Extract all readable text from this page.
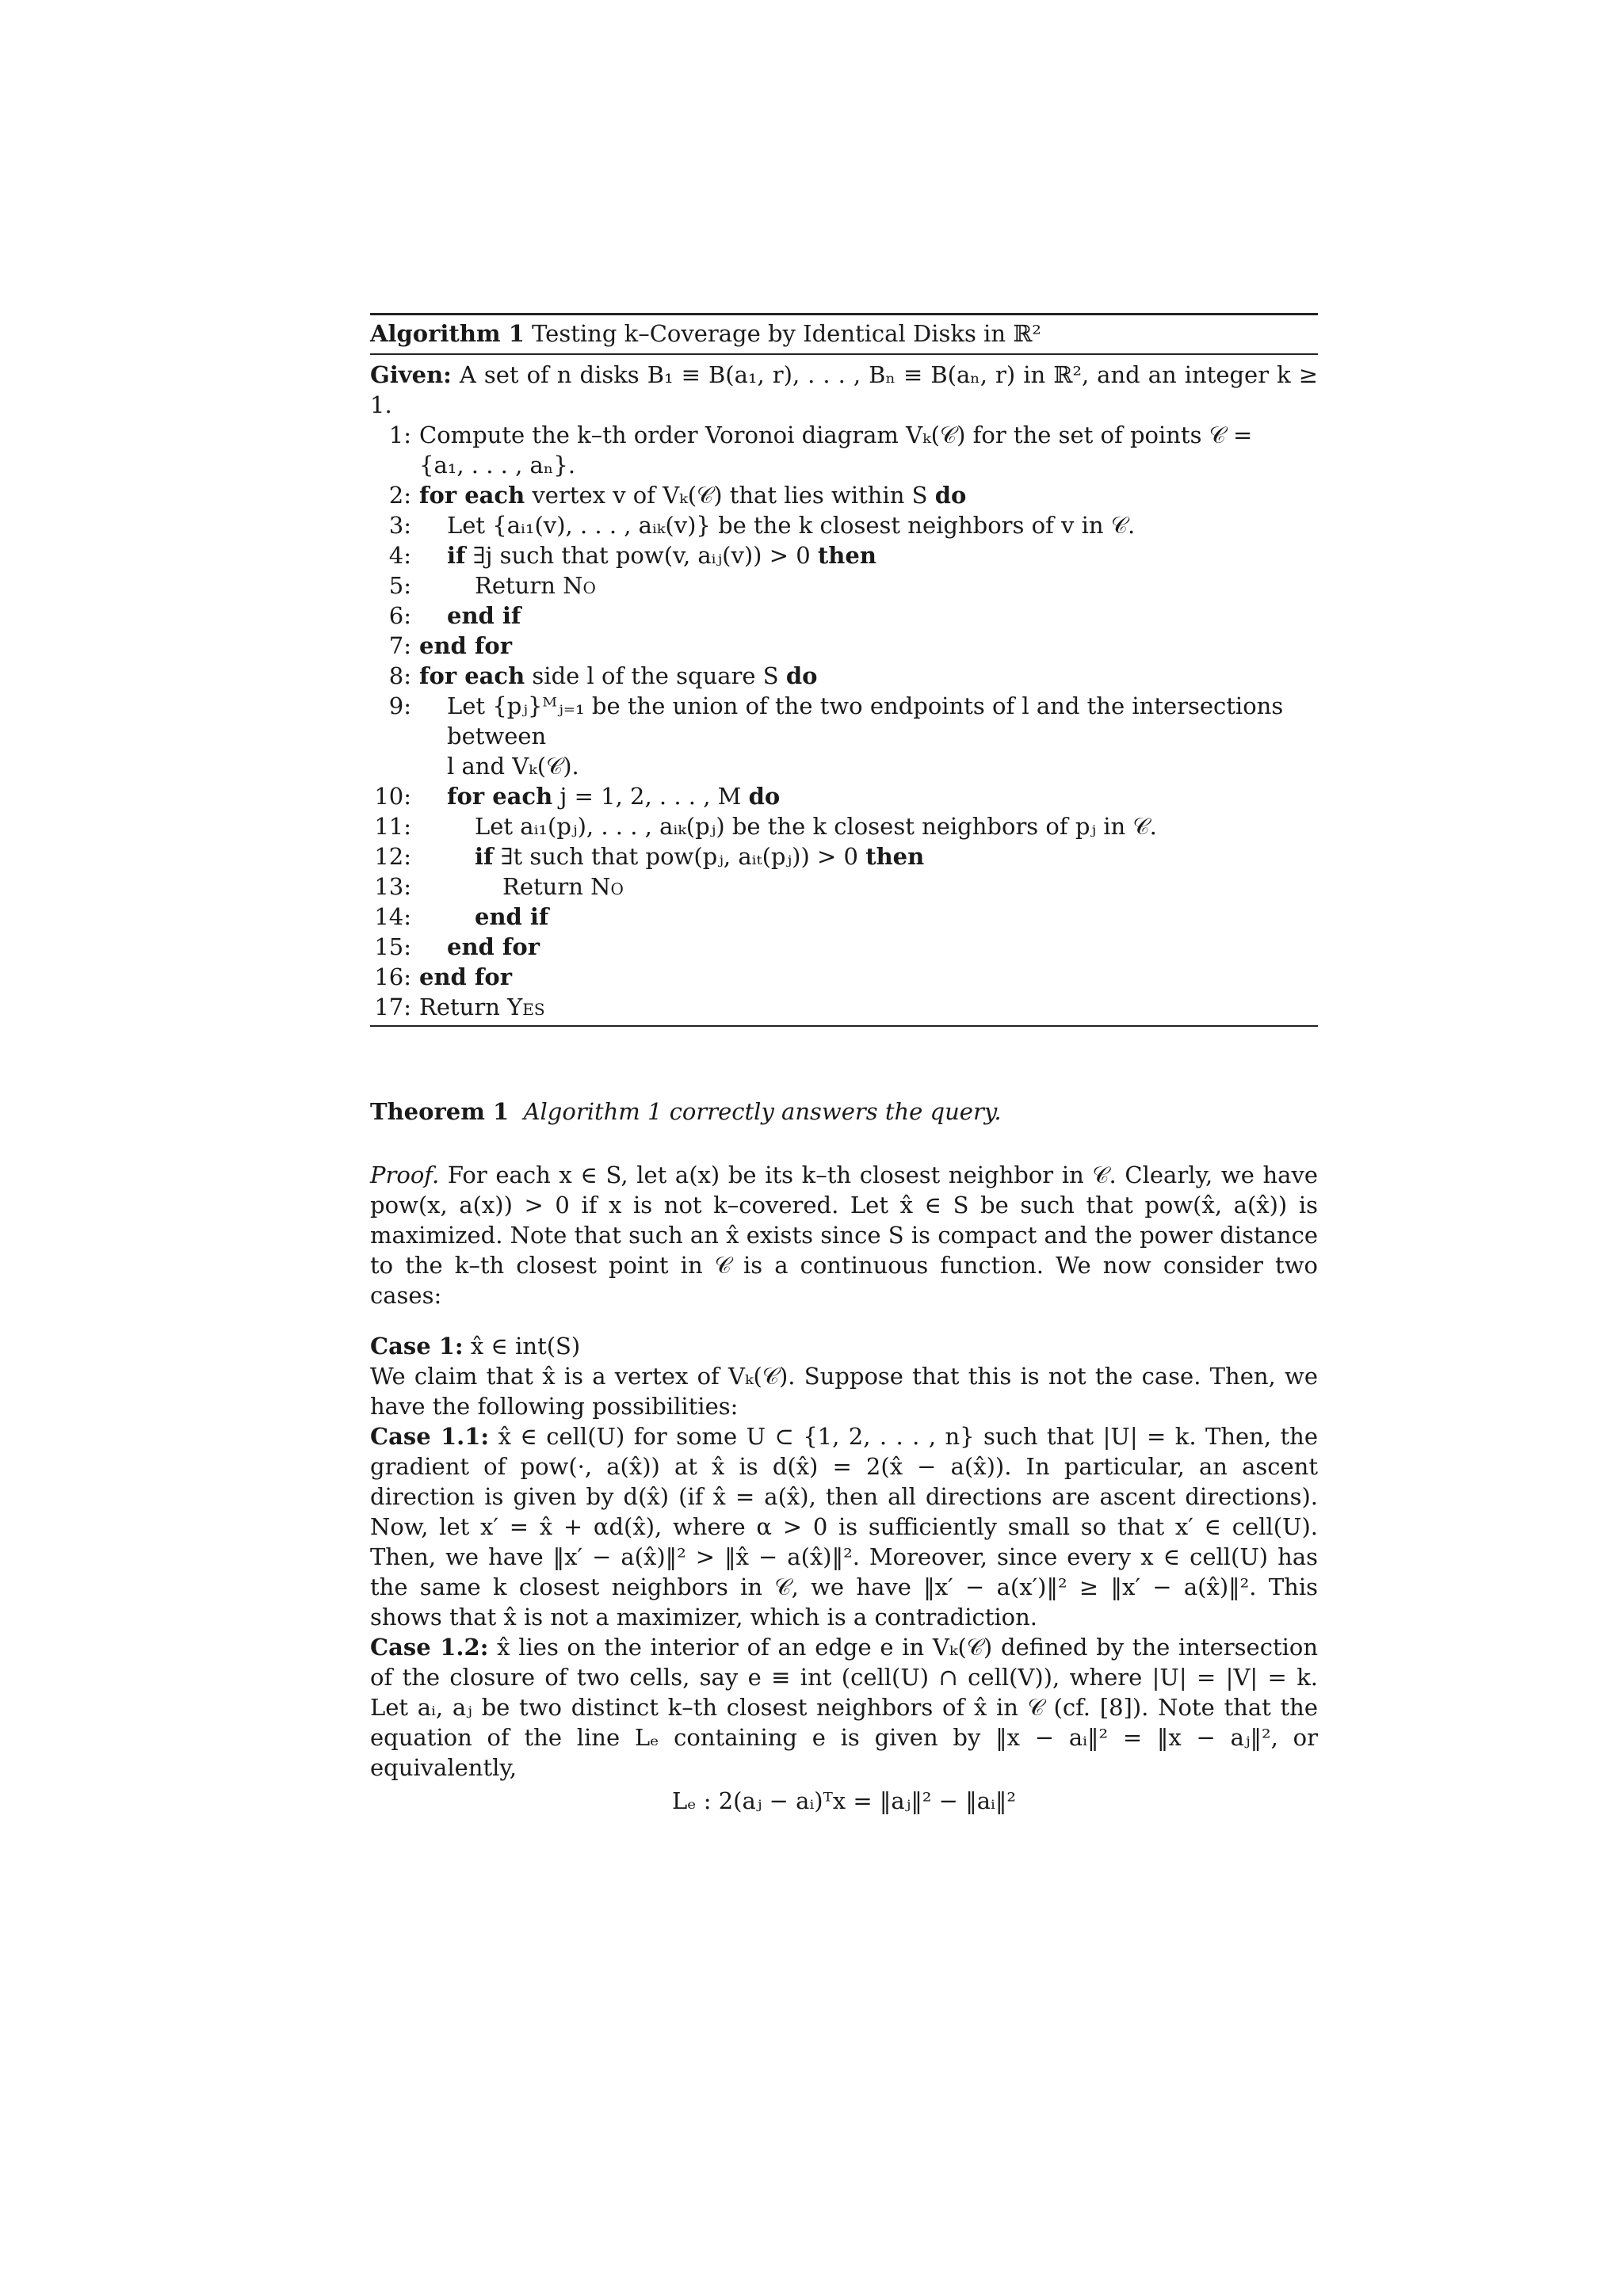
Algorithm 1 Testing k–Coverage by Identical Disks in ℝ²
Given: A set of n disks B₁ ≡ B(a₁, r), . . . , Bₙ ≡ B(aₙ, r) in ℝ², and an integer k ≥ 1.
1: Compute the k–th order Voronoi diagram Vₖ(𝒞) for the set of points 𝒞 =
{a₁, . . . , aₙ}.
2: for each vertex v of Vₖ(𝒞) that lies within S do
3:	Let {aᵢ₁(v), . . . , aᵢₖ(v)} be the k closest neighbors of v in 𝒞.
4:	if ∃j such that pow(v, aᵢⱼ(v)) > 0 then
5:	Return No
6:	end if
7: end for
8: for each side l of the square S do
9:	Let {pⱼ}ᴹⱼ₌₁ be the union of the two endpoints of l and the intersections between
l and Vₖ(𝒞).
10:	for each j = 1, 2, . . . , M do
11:	Let aᵢ₁(pⱼ), . . . , aᵢₖ(pⱼ) be the k closest neighbors of pⱼ in 𝒞.
12:	if ∃t such that pow(pⱼ, aᵢₜ(pⱼ)) > 0 then
13:	Return No
14:	end if
15:	end for
16: end for
17: Return Yes
Theorem 1 Algorithm 1 correctly answers the query.
Proof. For each x ∈ S, let a(x) be its k–th closest neighbor in 𝒞. Clearly, we have pow(x, a(x)) > 0 if x is not k–covered. Let x̂ ∈ S be such that pow(x̂, a(x̂)) is maximized. Note that such an x̂ exists since S is compact and the power distance to the k–th closest point in 𝒞 is a continuous function. We now consider two cases:
Case 1: x̂ ∈ int(S)
We claim that x̂ is a vertex of Vₖ(𝒞). Suppose that this is not the case. Then, we have the following possibilities:
Case 1.1: x̂ ∈ cell(U) for some U ⊂ {1, 2, . . . , n} such that |U| = k. Then, the gradient of pow(·, a(x̂)) at x̂ is d(x̂) = 2(x̂ − a(x̂)). In particular, an ascent direction is given by d(x̂) (if x̂ = a(x̂), then all directions are ascent directions). Now, let x′ = x̂ + αd(x̂), where α > 0 is sufficiently small so that x′ ∈ cell(U). Then, we have ‖x′ − a(x̂)‖² > ‖x̂ − a(x̂)‖². Moreover, since every x ∈ cell(U) has the same k closest neighbors in 𝒞, we have ‖x′ − a(x′)‖² ≥ ‖x′ − a(x̂)‖². This shows that x̂ is not a maximizer, which is a contradiction.
Case 1.2: x̂ lies on the interior of an edge e in Vₖ(𝒞) defined by the intersection of the closure of two cells, say e ≡ int (cell(U) ∩ cell(V)), where |U| = |V| = k. Let aᵢ, aⱼ be two distinct k–th closest neighbors of x̂ in 𝒞 (cf. [8]). Note that the equation of the line Lₑ containing e is given by ‖x − aᵢ‖² = ‖x − aⱼ‖², or equivalently,
Lₑ : 2(aⱼ − aᵢ)ᵀx = ‖aⱼ‖² − ‖aᵢ‖²
